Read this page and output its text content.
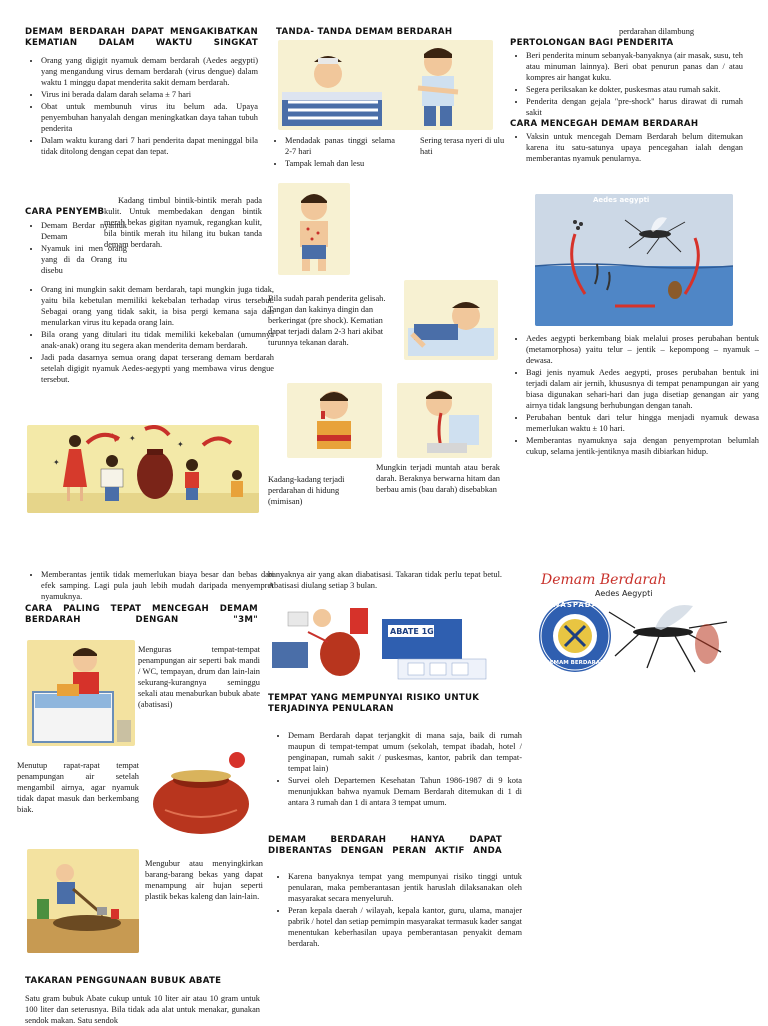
DEMAM BERDARAH DAPAT MENGAKIBATKAN KEMATIAN DALAM WAKTU SINGKAT
• Orang yang digigit nyamuk demam berdarah (Aedes aegypti) yang mengandung virus demam berdarah (virus dengue) dalam waktu 1 minggu dapat menderita sakit demam berdarah.
• Virus ini berada dalam darah selama ± 7 hari
• Obat untuk membunuh virus itu belum ada. Upaya penyembuhan hanyalah dengan meningkatkan daya tahan tubuh penderita
• Dalam waktu kurang dari 7 hari penderita dapat meninggal bila tidak ditolong dengan cepat dan tepat.
CARA PENYEMB
• Demam Berdar nyamuk Demam
• Nyamuk ini men orang yang di da Orang itu disebu

Kadang timbul bintik-bintik merah pada kulit. Untuk membedakan dengan bintik merah bekas gigitan nyamuk, regangkan kulit, bila bintik merah itu hilang itu bukan tanda demam berdarah.

• Orang ini mungkin sakit demam berdarah, tapi mungkin juga tidak, yaitu bila kebetulan memiliki kekebalan terhadap virus tersebut. Sebagai orang yang tidak sakit, ia bisa pergi kemana saja dan menularkan virus itu kepada orang lain.
• Bila orang yang ditulari itu tidak memiliki kekebalan (umumnya anak-anak) orang itu segera akan menderita demam berdarah.
• Jadi pada dasarnya semua orang dapat terserang demam berdarah setelah digigit nyamuk Aedes-aegypti yang membawa virus dengue tersebut.
✦
✦
✦
TANDA- TANDA DEMAM BERDARAH
• Mendadak panas tinggi selama 2-7 hari
• Tampak lemah dan lesu

Sering terasa nyeri di ulu hati

Bila sudah parah penderita gelisah. Tangan dan kakinya dingin dan berkeringat (pre shock). Kematian dapat terjadi dalam 2-3 hari akibat turunnya tekanan darah.

Kadang-kadang terjadi perdarahan di hidung (mimisan)

Mungkin terjadi muntah atau berak darah. Beraknya berwarna hitam dan berbau amis (bau darah) disebabkan

perdarahan dilambung

PERTOLONGAN BAGI PENDERITA
• Beri penderita minum sebanyak-banyaknya (air masak, susu, teh atau minuman lainnya). Beri obat penurun panas dan / atau kompres air hangat kuku.
• Segera periksakan ke dokter, puskesmas atau rumah sakit.
• Penderita dengan gejala "pre-shock" harus dirawat di rumah sakit
CARA MENCEGAH DEMAM BERDARAH
• Vaksin untuk mencegah Demam Berdarah belum ditemukan karena itu satu-satunya upaya pencegahan ialah dengan memberantas nyamuk penularnya.
Aedes aegypti
• Aedes aegypti berkembang biak melalui proses perubahan bentuk (metamorphosa) yaitu telur – jentik – kepompong – nyamuk – dewasa.
• Bagi jenis nyamuk Aedes aegypti, proses perubahan bentuk ini terjadi dalam air jernih, khususnya di tempat penampungan air yang biasa digunakan sehari-hari dan juga disetiap genangan air yang airnya tidak langsung berhubungan dengan tanah.
• Perubahan bentuk dari telur hingga menjadi nyamuk dewasa memerlukan waktu ± 10 hari.
• Memberantas nyamuknya saja dengan penyemprotan belumlah cukup, selama jentik-jentiknya masih dibiarkan hidup.
• Memberantas jentik tidak memerlukan biaya besar dan bebas dari efek samping. Lagi pula jauh lebih mudah daripada menyemprot nyamuknya.
CARA PALING TEPAT MENCEGAH DEMAM BERDARAH DENGAN "3M"

Menguras tempat-tempat penampungan air seperti bak mandi / WC, tempayan, drum dan lain-lain sekurang-kurangnya seminggu sekali atau menaburkan bubuk abate (abatisasi)

Menutup rapat-rapat tempat penampungan air setelah mengambil airnya, agar nyamuk tidak dapat masuk dan berkembang biak.

Mengubur atau menyingkirkan barang-barang bekas yang dapat menampung air hujan seperti plastik bekas kaleng dan lain-lain.

TAKARAN PENGGUNAAN BUBUK ABATE

Satu gram bubuk Abate cukup untuk 10 liter air atau 10 gram untuk 100 liter dan seterusnya. Bila tidak ada alat untuk menakar, gunakan sendok makan. Satu sendok

banyaknya air yang akan diabatisasi. Takaran tidak perlu tepat betul. Abatisasi diulang setiap 3 bulan.

ABATE 1G
TEMPAT YANG MEMPUNYAI RISIKO UNTUK TERJADINYA PENULARAN
• Demam Berdarah dapat terjangkit di mana saja, baik di rumah maupun di tempat-tempat umum (sekolah, tempat ibadah, hotel / penginapan, rumah sakit / puskesmas, kantor, pabrik dan tempat-tempat lain)
• Survei oleh Departemen Kesehatan Tahun 1986-1987 di 9 kota menunjukkan bahwa nyamuk Demam Berdarah ditemukan di 1 di antara 3 rumah dan 1 di antara 3 tempat umum.
DEMAM BERDARAH HANYA DAPAT DIBERANTAS DENGAN PERAN AKTIF ANDA
• Karena banyaknya tempat yang mempunyai risiko tinggi untuk penularan, maka pemberantasan jentik haruslah dilaksanakan oleh masyarakat secara menyeluruh.
• Peran kepala daerah / wilayah, kepala kantor, guru, ulama, manajer pabrik / hotel dan setiap pemimpin masyarakat termasuk kader sangat menentukan keberhasilan upaya pemberantasan penyakit demam berdarah.
Demam Berdarah
Aedes Aegypti
WASPADA
DEMAM BERDARAH
